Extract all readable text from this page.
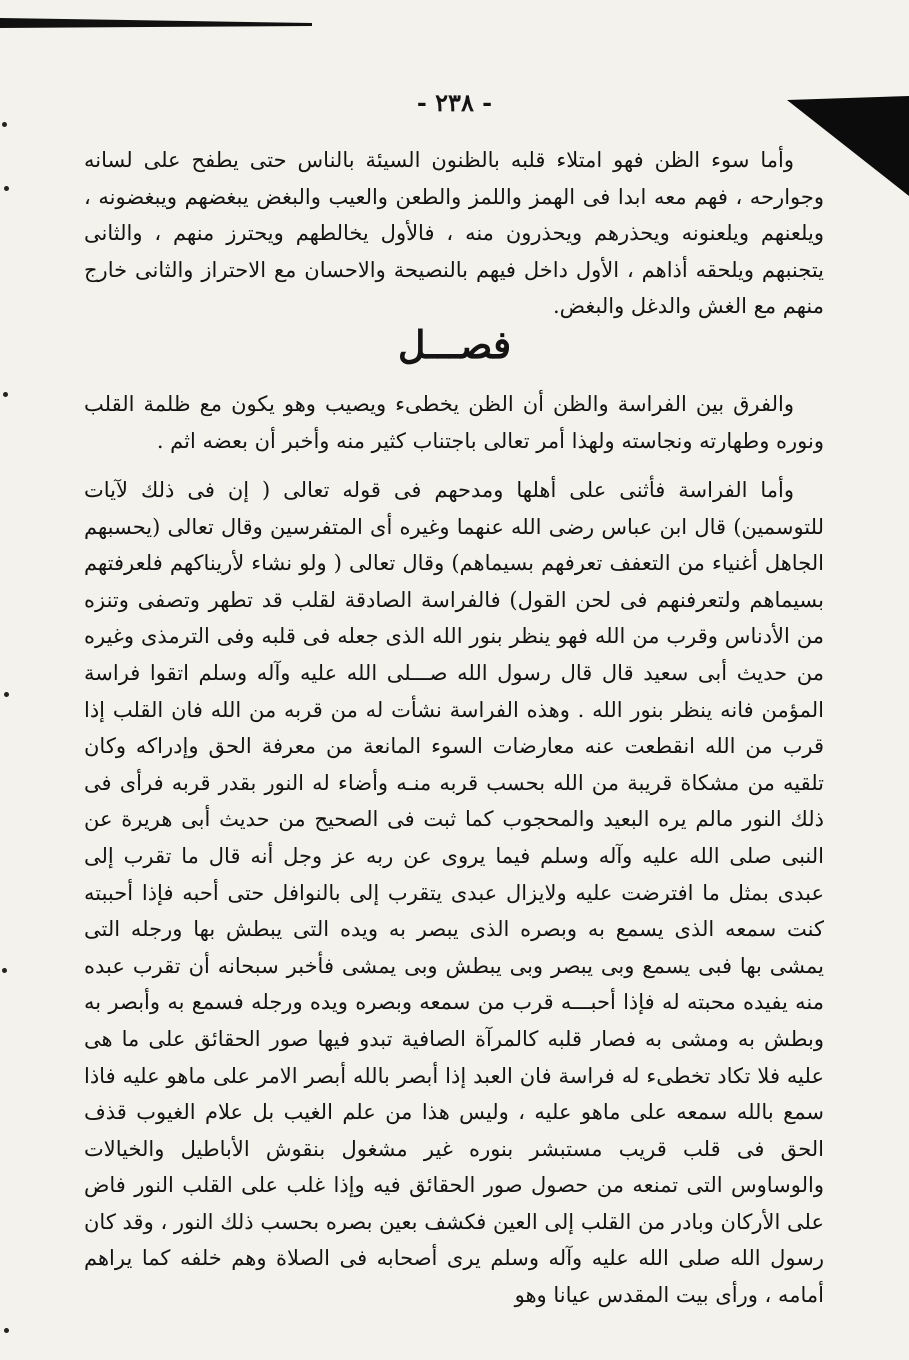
- ٢٣٨ -

وأما سوء الظن فهو امتلاء قلبه بالظنون السيئة بالناس حتى يطفح على لسانه وجوارحه ، فهم معه ابدا فى الهمز واللمز والطعن والعيب والبغض يبغضهم ويبغضونه ، ويلعنهم ويلعنونه ويحذرهم ويحذرون منه ، فالأول يخالطهم ويحترز منهم ، والثانى يتجنبهم ويلحقه أذاهم ، الأول داخل فيهم بالنصيحة والاحسان مع الاحتراز والثانى خارج منهم مع الغش والدغل والبغض.

فصـــل

والفرق بين الفراسة والظن أن الظن يخطىء ويصيب وهو يكون مع ظلمة القلب ونوره وطهارته ونجاسته ولهذا أمر تعالى باجتناب كثير منه وأخبر أن بعضه اثم .

وأما الفراسة فأثنى على أهلها ومدحهم فى قوله تعالى ( إن فى ذلك لآيات للتوسمين) قال ابن عباس رضى الله عنهما وغيره أى المتفرسين وقال تعالى (يحسبهم الجاهل أغنياء من التعفف تعرفهم بسيماهم) وقال تعالى ( ولو نشاء لأريناكهم فلعرفتهم بسيماهم ولتعرفنهم فى لحن القول) فالفراسة الصادقة لقلب قد تطهر وتصفى وتنزه من الأدناس وقرب من الله فهو ينظر بنور الله الذى جعله فى قلبه وفى الترمذى وغيره من حديث أبى سعيد قال قال رسول الله صـــلى الله عليه وآله وسلم اتقوا فراسة المؤمن فانه ينظر بنور الله . وهذه الفراسة نشأت له من قربه من الله فان القلب إذا قرب من الله انقطعت عنه معارضات السوء المانعة من معرفة الحق وإدراكه وكان تلقيه من مشكاة قريبة من الله بحسب قربه منـه وأضاء له النور بقدر قربه فرأى فى ذلك النور مالم يره البعيد والمحجوب كما ثبت فى الصحيح من حديث أبى هريرة عن النبى صلى الله عليه وآله وسلم فيما يروى عن ربه عز وجل أنه قال ما تقرب إلى عبدى بمثل ما افترضت عليه ولايزال عبدى يتقرب إلى بالنوافل حتى أحبه فإذا أحببته كنت سمعه الذى يسمع به وبصره الذى يبصر به ويده التى يبطش بها ورجله التى يمشى بها فبى يسمع وبى يبصر وبى يبطش وبى يمشى فأخبر سبحانه أن تقرب عبده منه يفيده محبته له فإذا أحبـــه قرب من سمعه وبصره ويده ورجله فسمع به وأبصر به وبطش به ومشى به فصار قلبه كالمرآة الصافية تبدو فيها صور الحقائق على ما هى عليه فلا تكاد تخطىء له فراسة فان العبد إذا أبصر بالله أبصر الامر على ماهو عليه فاذا سمع بالله سمعه على ماهو عليه ، وليس هذا من علم الغيب بل علام الغيوب قذف الحق فى قلب قريب مستبشر بنوره غير مشغول بنقوش الأباطيل والخيالات والوساوس التى تمنعه من حصول صور الحقائق فيه وإذا غلب على القلب النور فاض على الأركان وبادر من القلب إلى العين فكشف بعين بصره بحسب ذلك النور ، وقد كان رسول الله صلى الله عليه وآله وسلم يرى أصحابه فى الصلاة وهم خلفه كما يراهم أمامه ، ورأى بيت المقدس عيانا وهو
